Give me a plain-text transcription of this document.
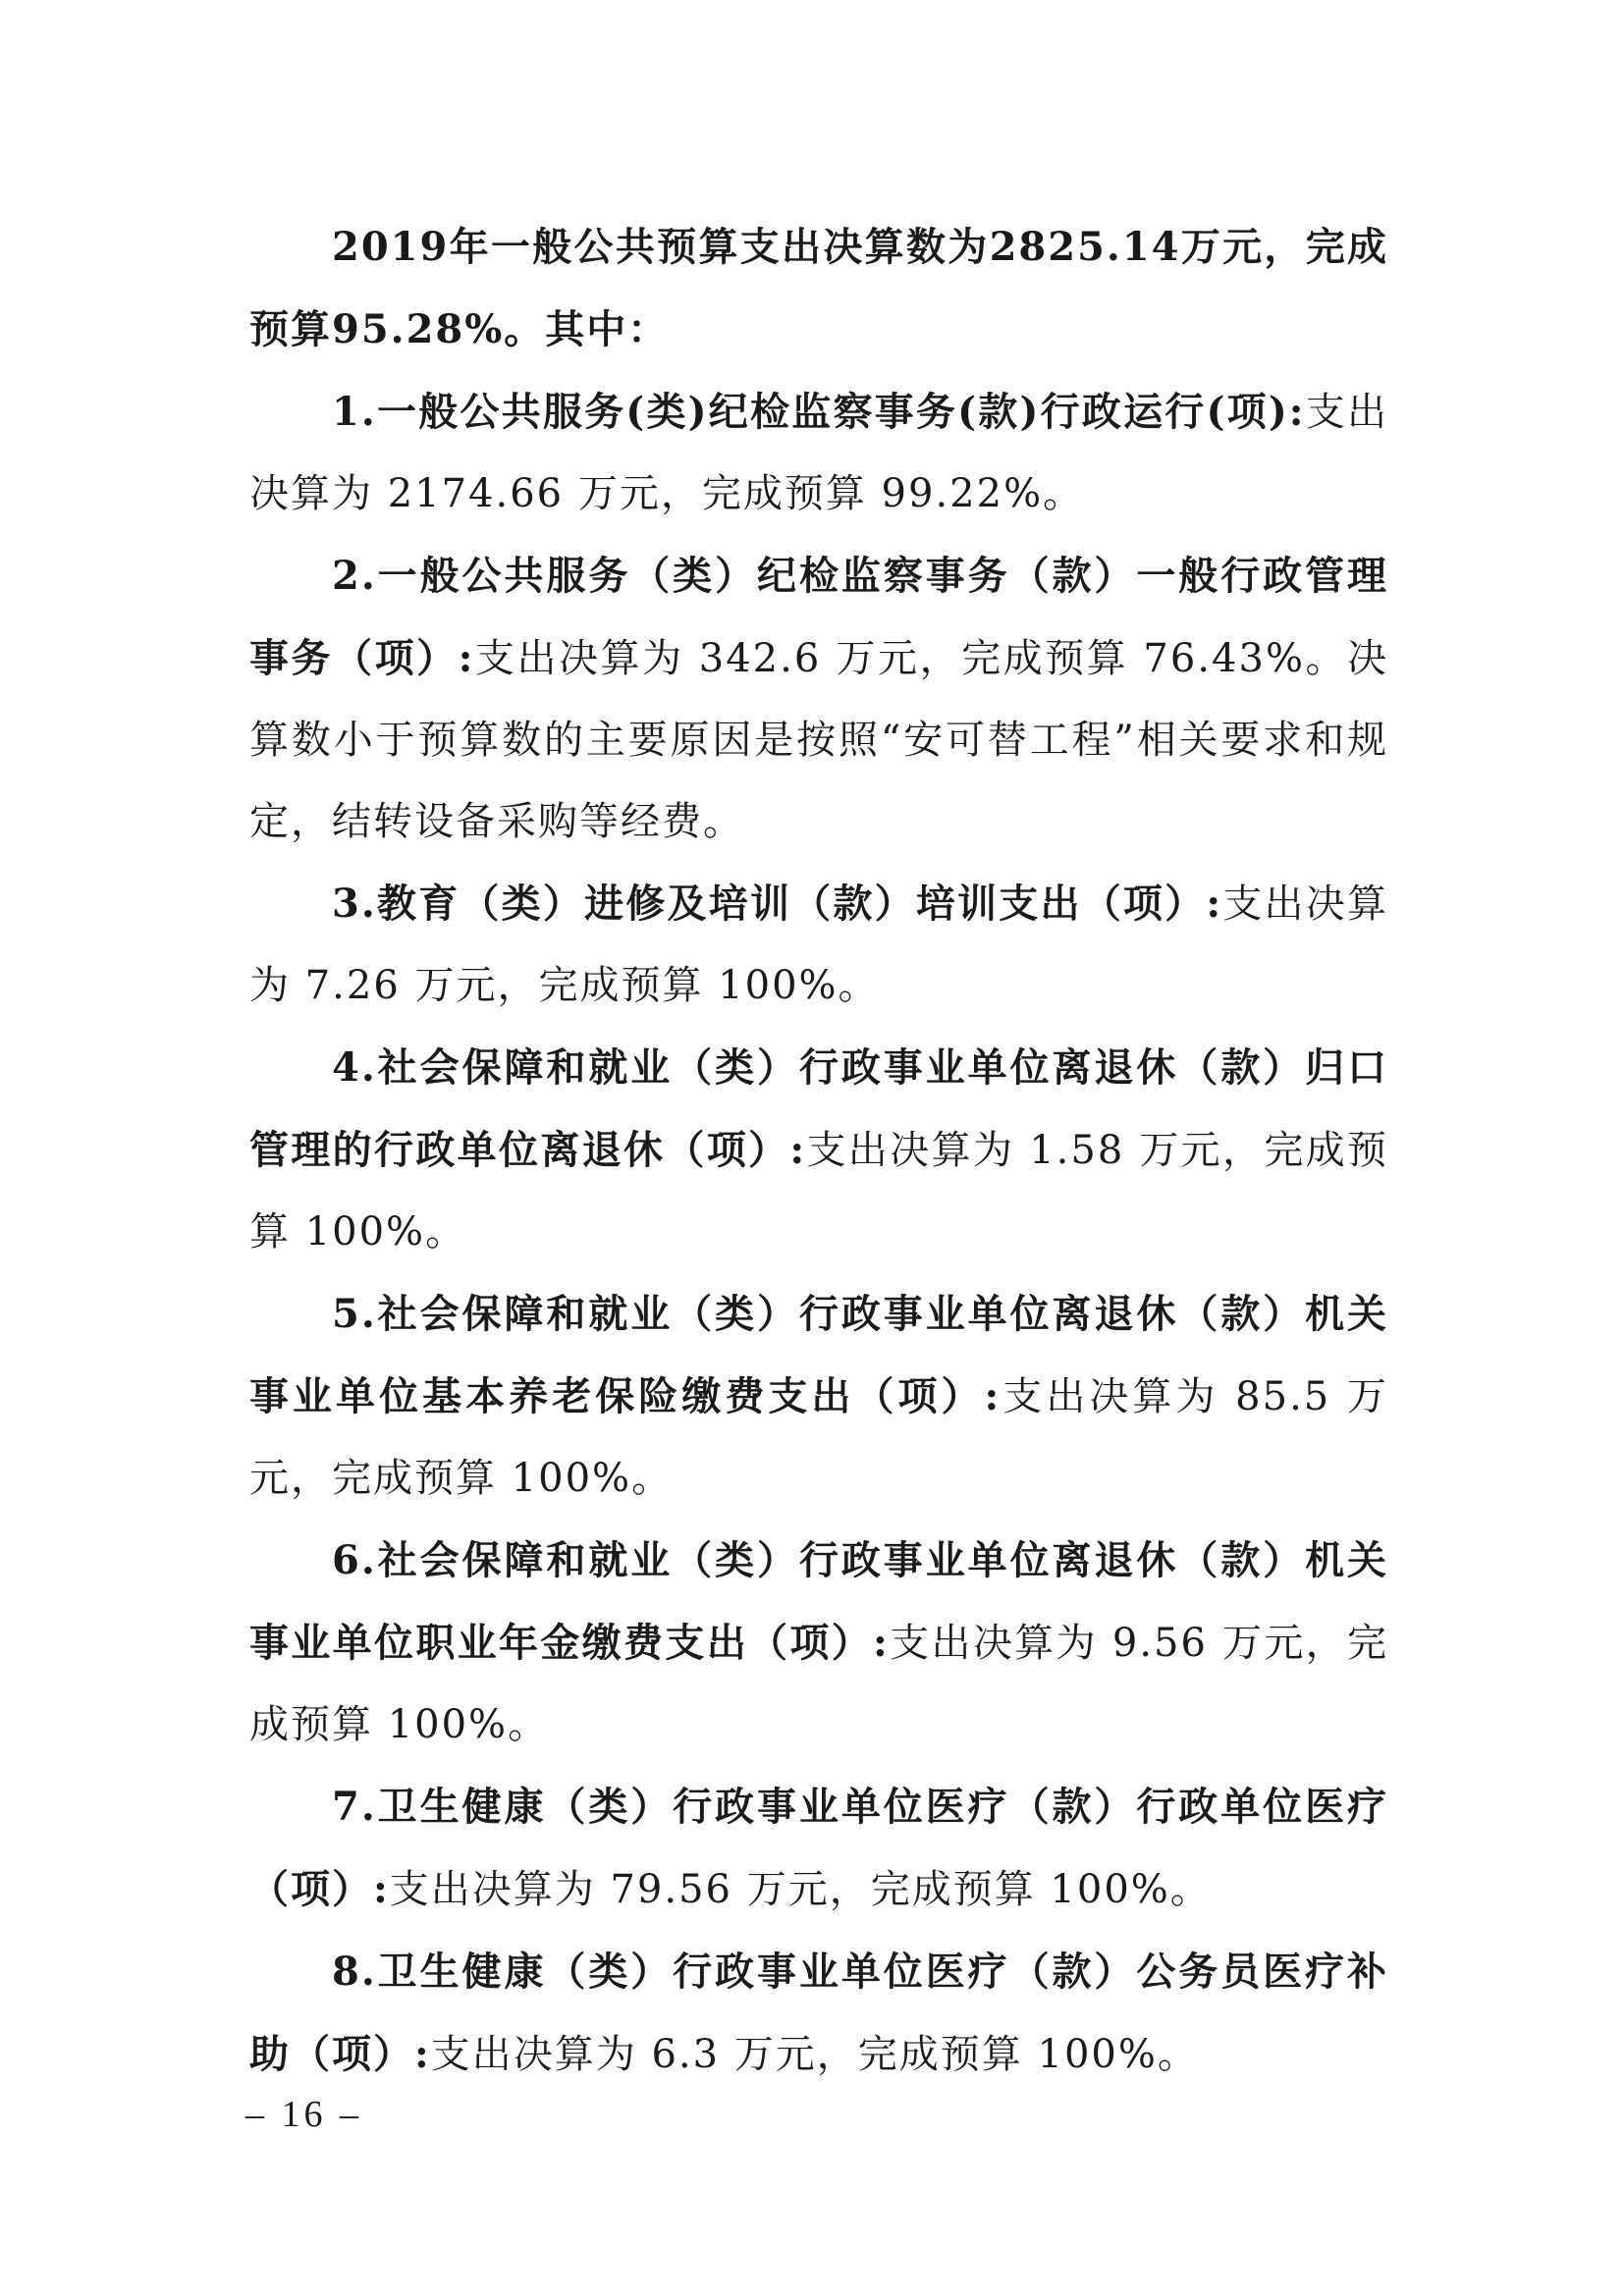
2019年一般公共预算支出决算数为2825.14万元，完成预算95.28%。其中：

1.一般公共服务(类)纪检监察事务(款)行政运行(项):支出决算为 2174.66 万元，完成预算 99.22%。

2.一般公共服务（类）纪检监察事务（款）一般行政管理事务（项）:支出决算为 342.6 万元，完成预算 76.43%。决算数小于预算数的主要原因是按照“安可替工程”相关要求和规定，结转设备采购等经费。

3.教育（类）进修及培训（款）培训支出（项）:支出决算为 7.26 万元，完成预算 100%。

4.社会保障和就业（类）行政事业单位离退休（款）归口管理的行政单位离退休（项）:支出决算为 1.58 万元，完成预算 100%。

5.社会保障和就业（类）行政事业单位离退休（款）机关事业单位基本养老保险缴费支出（项）:支出决算为 85.5 万元，完成预算 100%。

6.社会保障和就业（类）行政事业单位离退休（款）机关事业单位职业年金缴费支出（项）:支出决算为 9.56 万元，完成预算 100%。

7.卫生健康（类）行政事业单位医疗（款）行政单位医疗（项）:支出决算为 79.56 万元，完成预算 100%。

8.卫生健康（类）行政事业单位医疗（款）公务员医疗补助（项）:支出决算为 6.3 万元，完成预算 100%。

– 16 –
